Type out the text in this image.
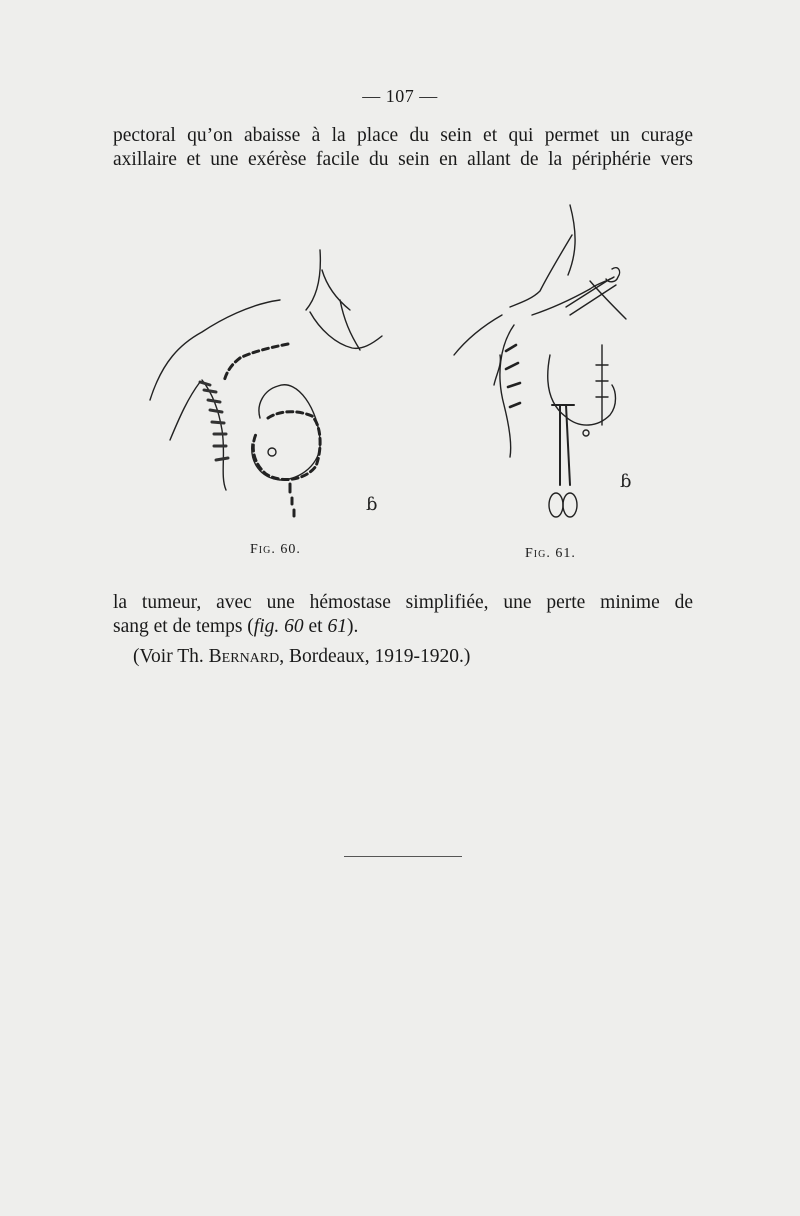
— 107 —
pectoral qu’on abaisse à la place du sein et qui permet un curage
axillaire et une exérèse facile du sein en allant de la périphérie vers
ɓ
ɓ
Fig. 60.	Fig. 61.
la tumeur, avec une hémostase simplifiée, une perte minime de
sang et de temps (fig. 60 et 61).
(Voir Th. Bernard, Bordeaux, 1919-1920.)
